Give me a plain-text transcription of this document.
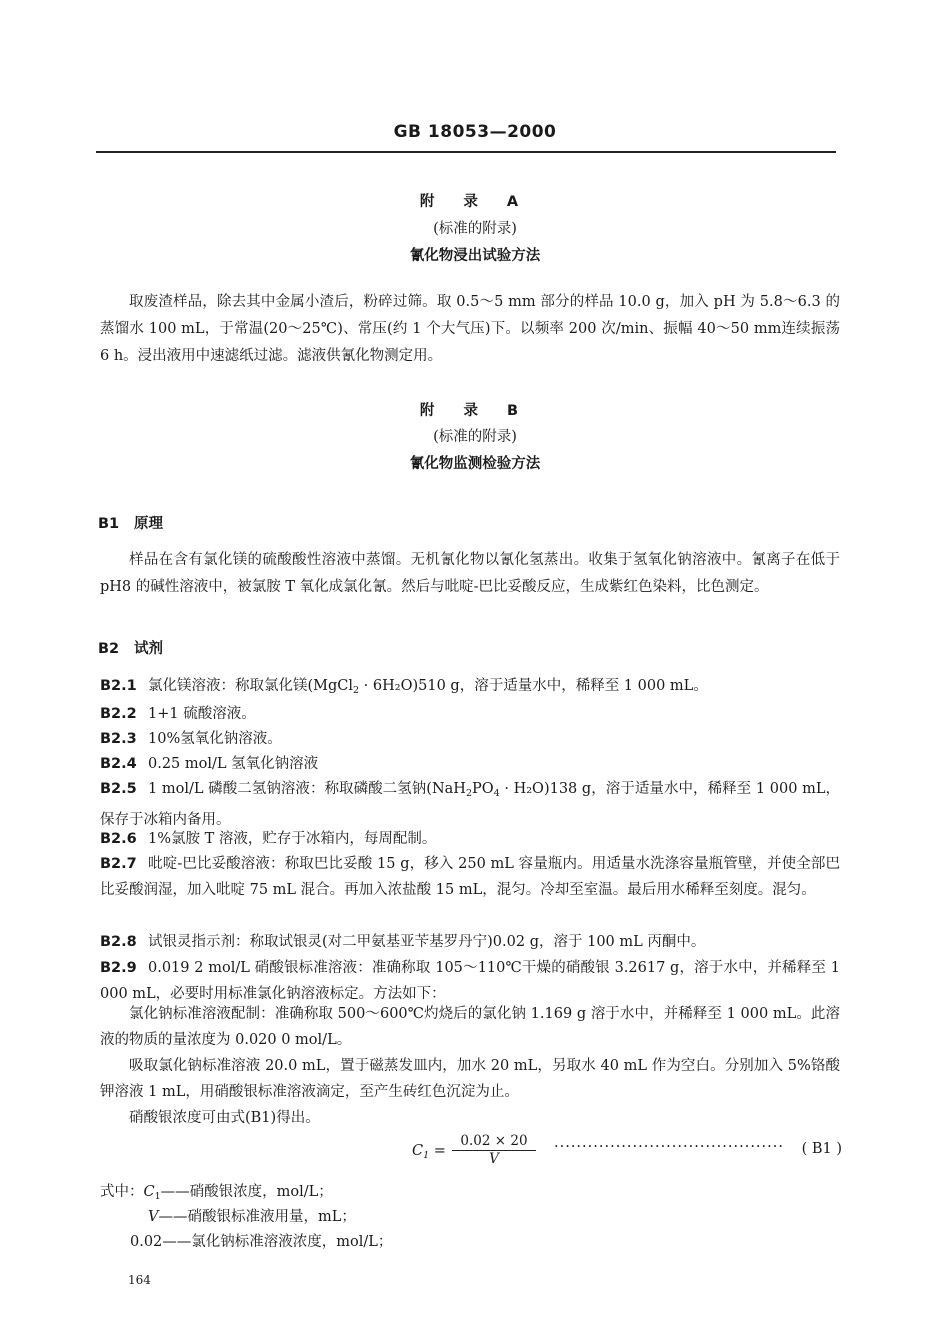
GB 18053—2000
附 录 A
(标准的附录)
氰化物浸出试验方法
取废渣样品，除去其中金属小渣后，粉碎过筛。取 0.5～5 mm 部分的样品 10.0 g，加入 pH 为 5.8～6.3 的蒸馏水 100 mL，于常温(20～25℃)、常压(约 1 个大气压)下。以频率 200 次/min、振幅 40～50 mm连续振荡 6 h。浸出液用中速滤纸过滤。滤液供氰化物测定用。
附 录 B
(标准的附录)
氰化物监测检验方法
B1 原理
样品在含有氯化镁的硫酸酸性溶液中蒸馏。无机氰化物以氰化氢蒸出。收集于氢氧化钠溶液中。氰离子在低于 pH8 的碱性溶液中，被氯胺 T 氧化成氯化氰。然后与吡啶-巴比妥酸反应，生成紫红色染料，比色测定。
B2 试剂
B2.1 氯化镁溶液：称取氯化镁(MgCl$_2$ · 6H₂O)510 g，溶于适量水中，稀释至 1 000 mL。
B2.2 1+1 硫酸溶液。
B2.3 10%氢氧化钠溶液。
B2.4 0.25 mol/L 氢氧化钠溶液
B2.5 1 mol/L 磷酸二氢钠溶液：称取磷酸二氢钠$(NaH_2PO_4 \cdot H_2O)138$ g，溶于适量水中，稀释至 1 000 mL，保存于冰箱内备用。
B2.6 1%氯胺 T 溶液，贮存于冰箱内，每周配制。
B2.7 吡啶-巴比妥酸溶液：称取巴比妥酸 15 g，移入 250 mL 容量瓶内。用适量水洗涤容量瓶管壁，并使全部巴比妥酸润湿，加入吡啶 75 mL 混合。再加入浓盐酸 15 mL，混匀。冷却至室温。最后用水稀释至刻度。混匀。
B2.8 试银灵指示剂：称取试银灵(对二甲氨基亚苄基罗丹宁)0.02 g，溶于 100 mL 丙酮中。
B2.9 0.019 2 mol/L 硝酸银标准溶液：准确称取 105～110℃干燥的硝酸银 3.2617 g，溶于水中，并稀释至 1 000 mL，必要时用标准氯化钠溶液标定。方法如下：
氯化钠标准溶液配制：准确称取 500～600℃灼烧后的氯化钠 1.169 g 溶于水中，并稀释至 1 000 mL。此溶液的物质的量浓度为 0.020 0 mol/L。
吸取氯化钠标准溶液 20.0 mL，置于磁蒸发皿内，加水 20 mL，另取水 40 mL 作为空白。分别加入 5%铬酸钾溶液 1 mL，用硝酸银标准溶液滴定，至产生砖红色沉淀为止。
硝酸银浓度可由式(B1)得出。
$C_1 = \frac{0.02 \times 20}{V}$ ········································· ( B1 )
式中：$C_1——$硝酸银浓度，mol/L；
V——硝酸银标准液用量，mL；
0.02——氯化钠标准溶液浓度，mol/L；
164
